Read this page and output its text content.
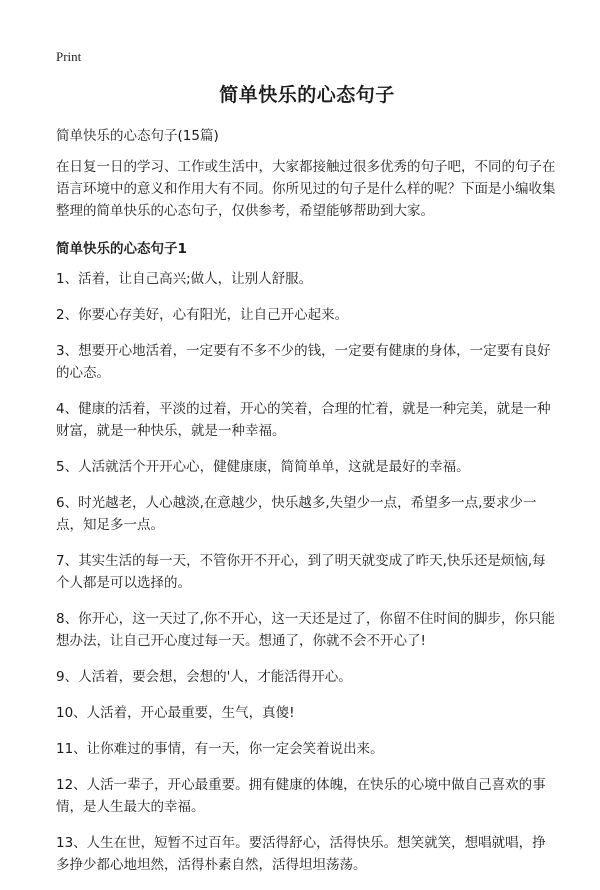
Print
简单快乐的心态句子
简单快乐的心态句子(15篇)
在日复一日的学习、工作或生活中，大家都接触过很多优秀的句子吧，不同的句子在语言环境中的意义和作用大有不同。你所见过的句子是什么样的呢？下面是小编收集整理的简单快乐的心态句子，仅供参考，希望能够帮助到大家。
简单快乐的心态句子1
1、活着，让自己高兴;做人，让别人舒服。
2、你要心存美好，心有阳光，让自己开心起来。
3、想要开心地活着，一定要有不多不少的钱，一定要有健康的身体，一定要有良好的心态。
4、健康的活着，平淡的过着，开心的笑着，合理的忙着，就是一种完美，就是一种财富，就是一种快乐，就是一种幸福。
5、人活就活个开开心心，健健康康，简简单单，这就是最好的幸福。
6、时光越老，人心越淡,在意越少，快乐越多,失望少一点，希望多一点,要求少一点，知足多一点。
7、其实生活的每一天，不管你开不开心，到了明天就变成了昨天,快乐还是烦恼,每个人都是可以选择的。
8、你开心，这一天过了,你不开心，这一天还是过了，你留不住时间的脚步，你只能想办法，让自己开心度过每一天。想通了，你就不会不开心了!
9、人活着，要会想，会想的'人，才能活得开心。
10、人活着，开心最重要，生气，真傻!
11、让你难过的事情，有一天，你一定会笑着说出来。
12、人活一辈子，开心最重要。拥有健康的体魄，在快乐的心境中做自己喜欢的事情，是人生最大的幸福。
13、人生在世，短暂不过百年。要活得舒心，活得快乐。想笑就笑，想唱就唱，挣多挣少都心地坦然，活得朴素自然，活得坦坦荡荡。
